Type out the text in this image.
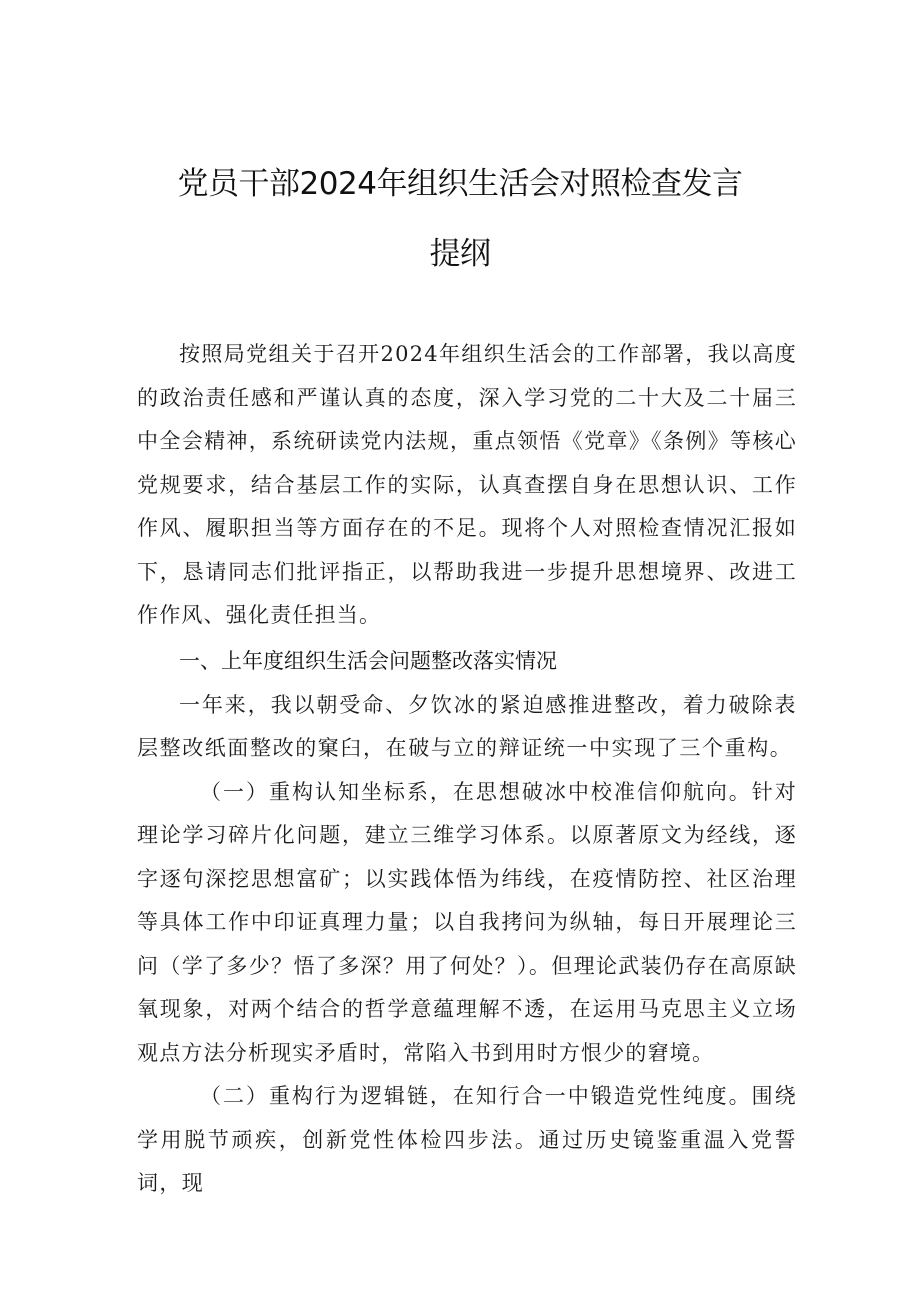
党员干部2024年组织生活会对照检查发言
提纲

按照局党组关于召开2024年组织生活会的工作部署，我以高度的政治责任感和严谨认真的态度，深入学习党的二十大及二十届三中全会精神，系统研读党内法规，重点领悟《党章》《条例》等核心党规要求，结合基层工作的实际，认真查摆自身在思想认识、工作作风、履职担当等方面存在的不足。现将个人对照检查情况汇报如下，恳请同志们批评指正，以帮助我进一步提升思想境界、改进工作作风、强化责任担当。

一、上年度组织生活会问题整改落实情况

一年来，我以朝受命、夕饮冰的紧迫感推进整改，着力破除表层整改纸面整改的窠臼，在破与立的辩证统一中实现了三个重构。

（一）重构认知坐标系，在思想破冰中校准信仰航向。针对理论学习碎片化问题，建立三维学习体系。以原著原文为经线，逐字逐句深挖思想富矿；以实践体悟为纬线，在疫情防控、社区治理等具体工作中印证真理力量；以自我拷问为纵轴，每日开展理论三问（学了多少？悟了多深？用了何处？）。但理论武装仍存在高原缺氧现象，对两个结合的哲学意蕴理解不透，在运用马克思主义立场观点方法分析现实矛盾时，常陷入书到用时方恨少的窘境。

（二）重构行为逻辑链，在知行合一中锻造党性纯度。围绕学用脱节顽疾，创新党性体检四步法。通过历史镜鉴重温入党誓词，现
